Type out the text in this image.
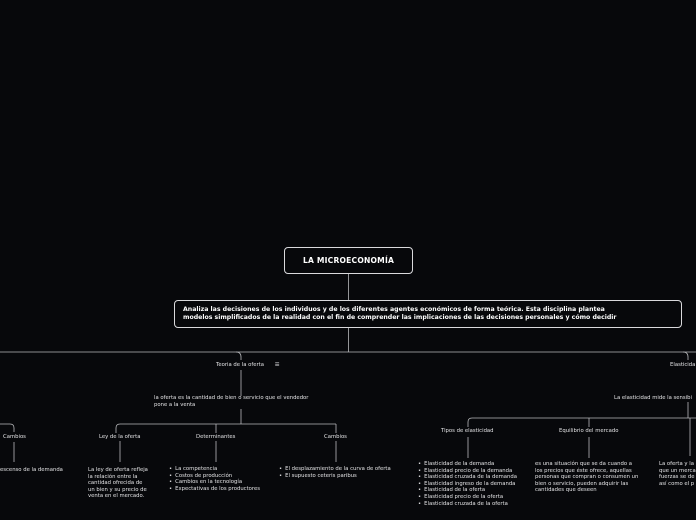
LA MICROECONOMÍA
Analiza las decisiones de los individuos y de los diferentes agentes económicos de forma teórica. Esta disciplina plantea
modelos simplificados de la realidad con el fin de comprender las implicaciones de las decisiones personales y cómo decidir
Cambios
escenso de la demanda
Teoria de la oferta ☰
la oferta es la cantidad de bien o servicio que el vendedor
pone a la venta
Ley de la oferta
La ley de oferta refleja
la relación entre la
cantidad ofrecida de
un bien y su precio de
venta en el mercado.
Determinantes
• La competencia
• Costos de producción
• Cambios en la tecnología
• Expectativas de los productores
Cambios
• El desplazamiento de la curva de oferta
• El supuesto ceteris paribus
Elasticida
La elasticidad mide la sensibi
Tipos de elasticidad
• Elasticidad de la demanda
• Elasticidad precio de la demanda
• Elasticidad cruzada de la demanda
• Elasticidad ingreso de la demanda
• Elasticidad de la oferta
• Elasticidad precio de la oferta
• Elasticidad cruzada de la oferta
Equilibrio del mercado
es una situación que se da cuando a
los precios que éste ofrece, aquellas
personas que compran o consumen un
bien o servicio, pueden adquirir las
cantidades que deseen
La oferta y la
que un merca
fuerzas se de
así como el p
